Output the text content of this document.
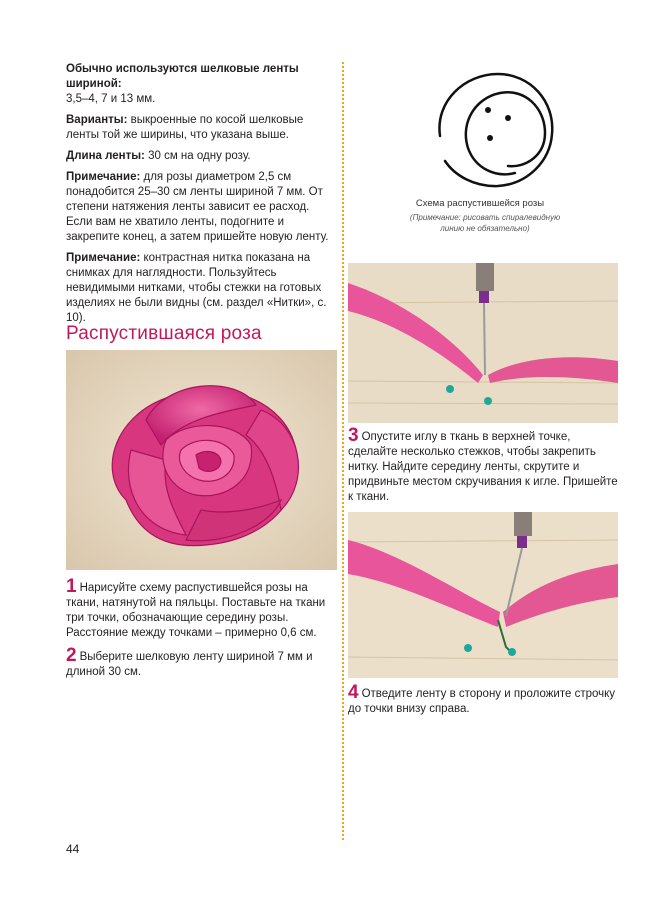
Обычно используются шелковые ленты шириной:
3,5–4, 7 и 13 мм.

Варианты: выкроенные по косой шелковые ленты той же ширины, что указана выше.

Длина ленты: 30 см на одну розу.

Примечание: для розы диаметром 2,5 см понадобится 25–30 см ленты шириной 7 мм. От степени натяжения ленты зависит ее расход. Если вам не хватило ленты, подогните и закрепите конец, а затем пришейте новую ленту.

Примечание: контрастная нитка показана на снимках для наглядности. Пользуйтесь невидимыми нитками, чтобы стежки на готовых изделиях не были видны (см. раздел «Нитки», с. 10).

Распустившаяся роза
Схема распустившейся розы
(Примечание: рисовать спиралевидную линию не обязательно)
1 Нарисуйте схему распустившейся розы на ткани, натянутой на пяльцы. Поставьте на ткани три точки, обозначающие середину розы. Расстояние между точками – примерно 0,6 см.
2 Выберите шелковую ленту шириной 7 мм и длиной 30 см.
3 Опустите иглу в ткань в верхней точке, сделайте несколько стежков, чтобы закрепить нитку. Найдите середину ленты, скрутите и придвиньте местом скручивания к игле. Пришейте к ткани.
4 Отведите ленту в сторону и проложите строчку до точки внизу справа.
44
